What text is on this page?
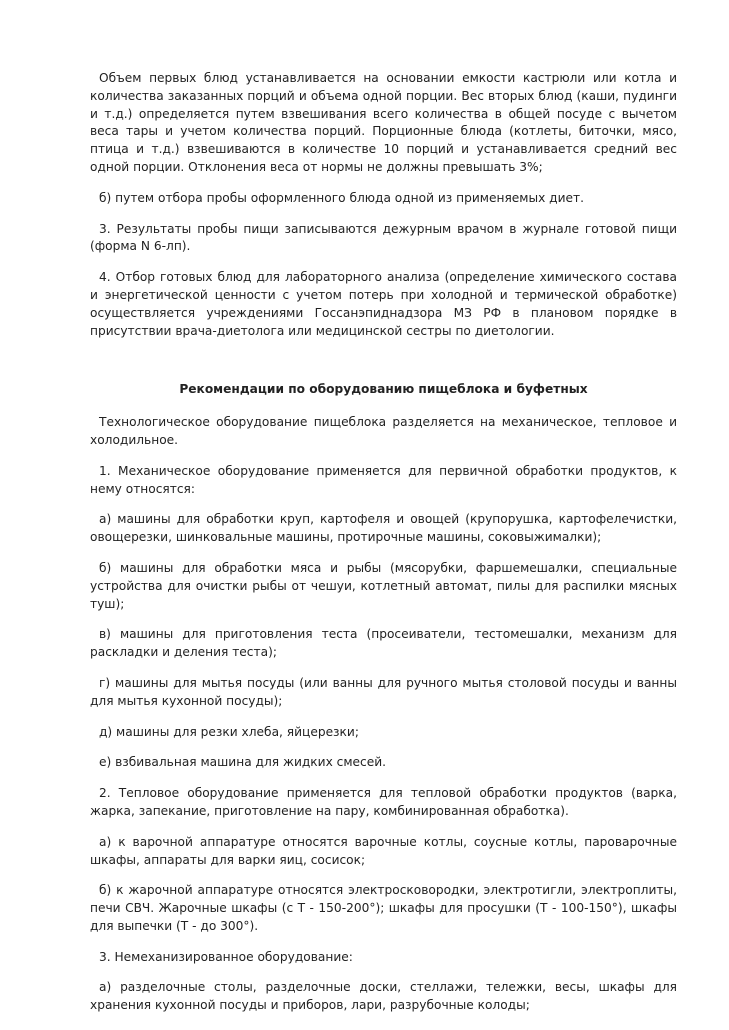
Объем первых блюд устанавливается на основании емкости кастрюли или котла и количества заказанных порций и объема одной порции. Вес вторых блюд (каши, пудинги и т.д.) определяется путем взвешивания всего количества в общей посуде с вычетом веса тары и учетом количества порций. Порционные блюда (котлеты, биточки, мясо, птица и т.д.) взвешиваются в количестве 10 порций и устанавливается средний вес одной порции. Отклонения веса от нормы не должны превышать 3%;

б) путем отбора пробы оформленного блюда одной из применяемых диет.

3. Результаты пробы пищи записываются дежурным врачом в журнале готовой пищи (форма N 6-лп).

4. Отбор готовых блюд для лабораторного анализа (определение химического состава и энергетической ценности с учетом потерь при холодной и термической обработке) осуществляется учреждениями Госсанэпиднадзора МЗ РФ в плановом порядке в присутствии врача-диетолога или медицинской сестры по диетологии.

Рекомендации по оборудованию пищеблока и буфетных

Технологическое оборудование пищеблока разделяется на механическое, тепловое и холодильное.

1. Механическое оборудование применяется для первичной обработки продуктов, к нему относятся:

а) машины для обработки круп, картофеля и овощей (крупорушка, картофелечистки, овощерезки, шинковальные машины, протирочные машины, соковыжималки);

б) машины для обработки мяса и рыбы (мясорубки, фаршемешалки, специальные устройства для очистки рыбы от чешуи, котлетный автомат, пилы для распилки мясных туш);

в) машины для приготовления теста (просеиватели, тестомешалки, механизм для раскладки и деления теста);

г) машины для мытья посуды (или ванны для ручного мытья столовой посуды и ванны для мытья кухонной посуды);

д) машины для резки хлеба, яйцерезки;

е) взбивальная машина для жидких смесей.

2. Тепловое оборудование применяется для тепловой обработки продуктов (варка, жарка, запекание, приготовление на пару, комбинированная обработка).

а) к варочной аппаратуре относятся варочные котлы, соусные котлы, пароварочные шкафы, аппараты для варки яиц, сосисок;

б) к жарочной аппаратуре относятся электросковородки, электротигли, электроплиты, печи СВЧ. Жарочные шкафы (с Т - 150-200°); шкафы для просушки (Т - 100-150°), шкафы для выпечки (Т - до 300°).

3. Немеханизированное оборудование:

а) разделочные столы, разделочные доски, стеллажи, тележки, весы, шкафы для хранения кухонной посуды и приборов, лари, разрубочные колоды;
